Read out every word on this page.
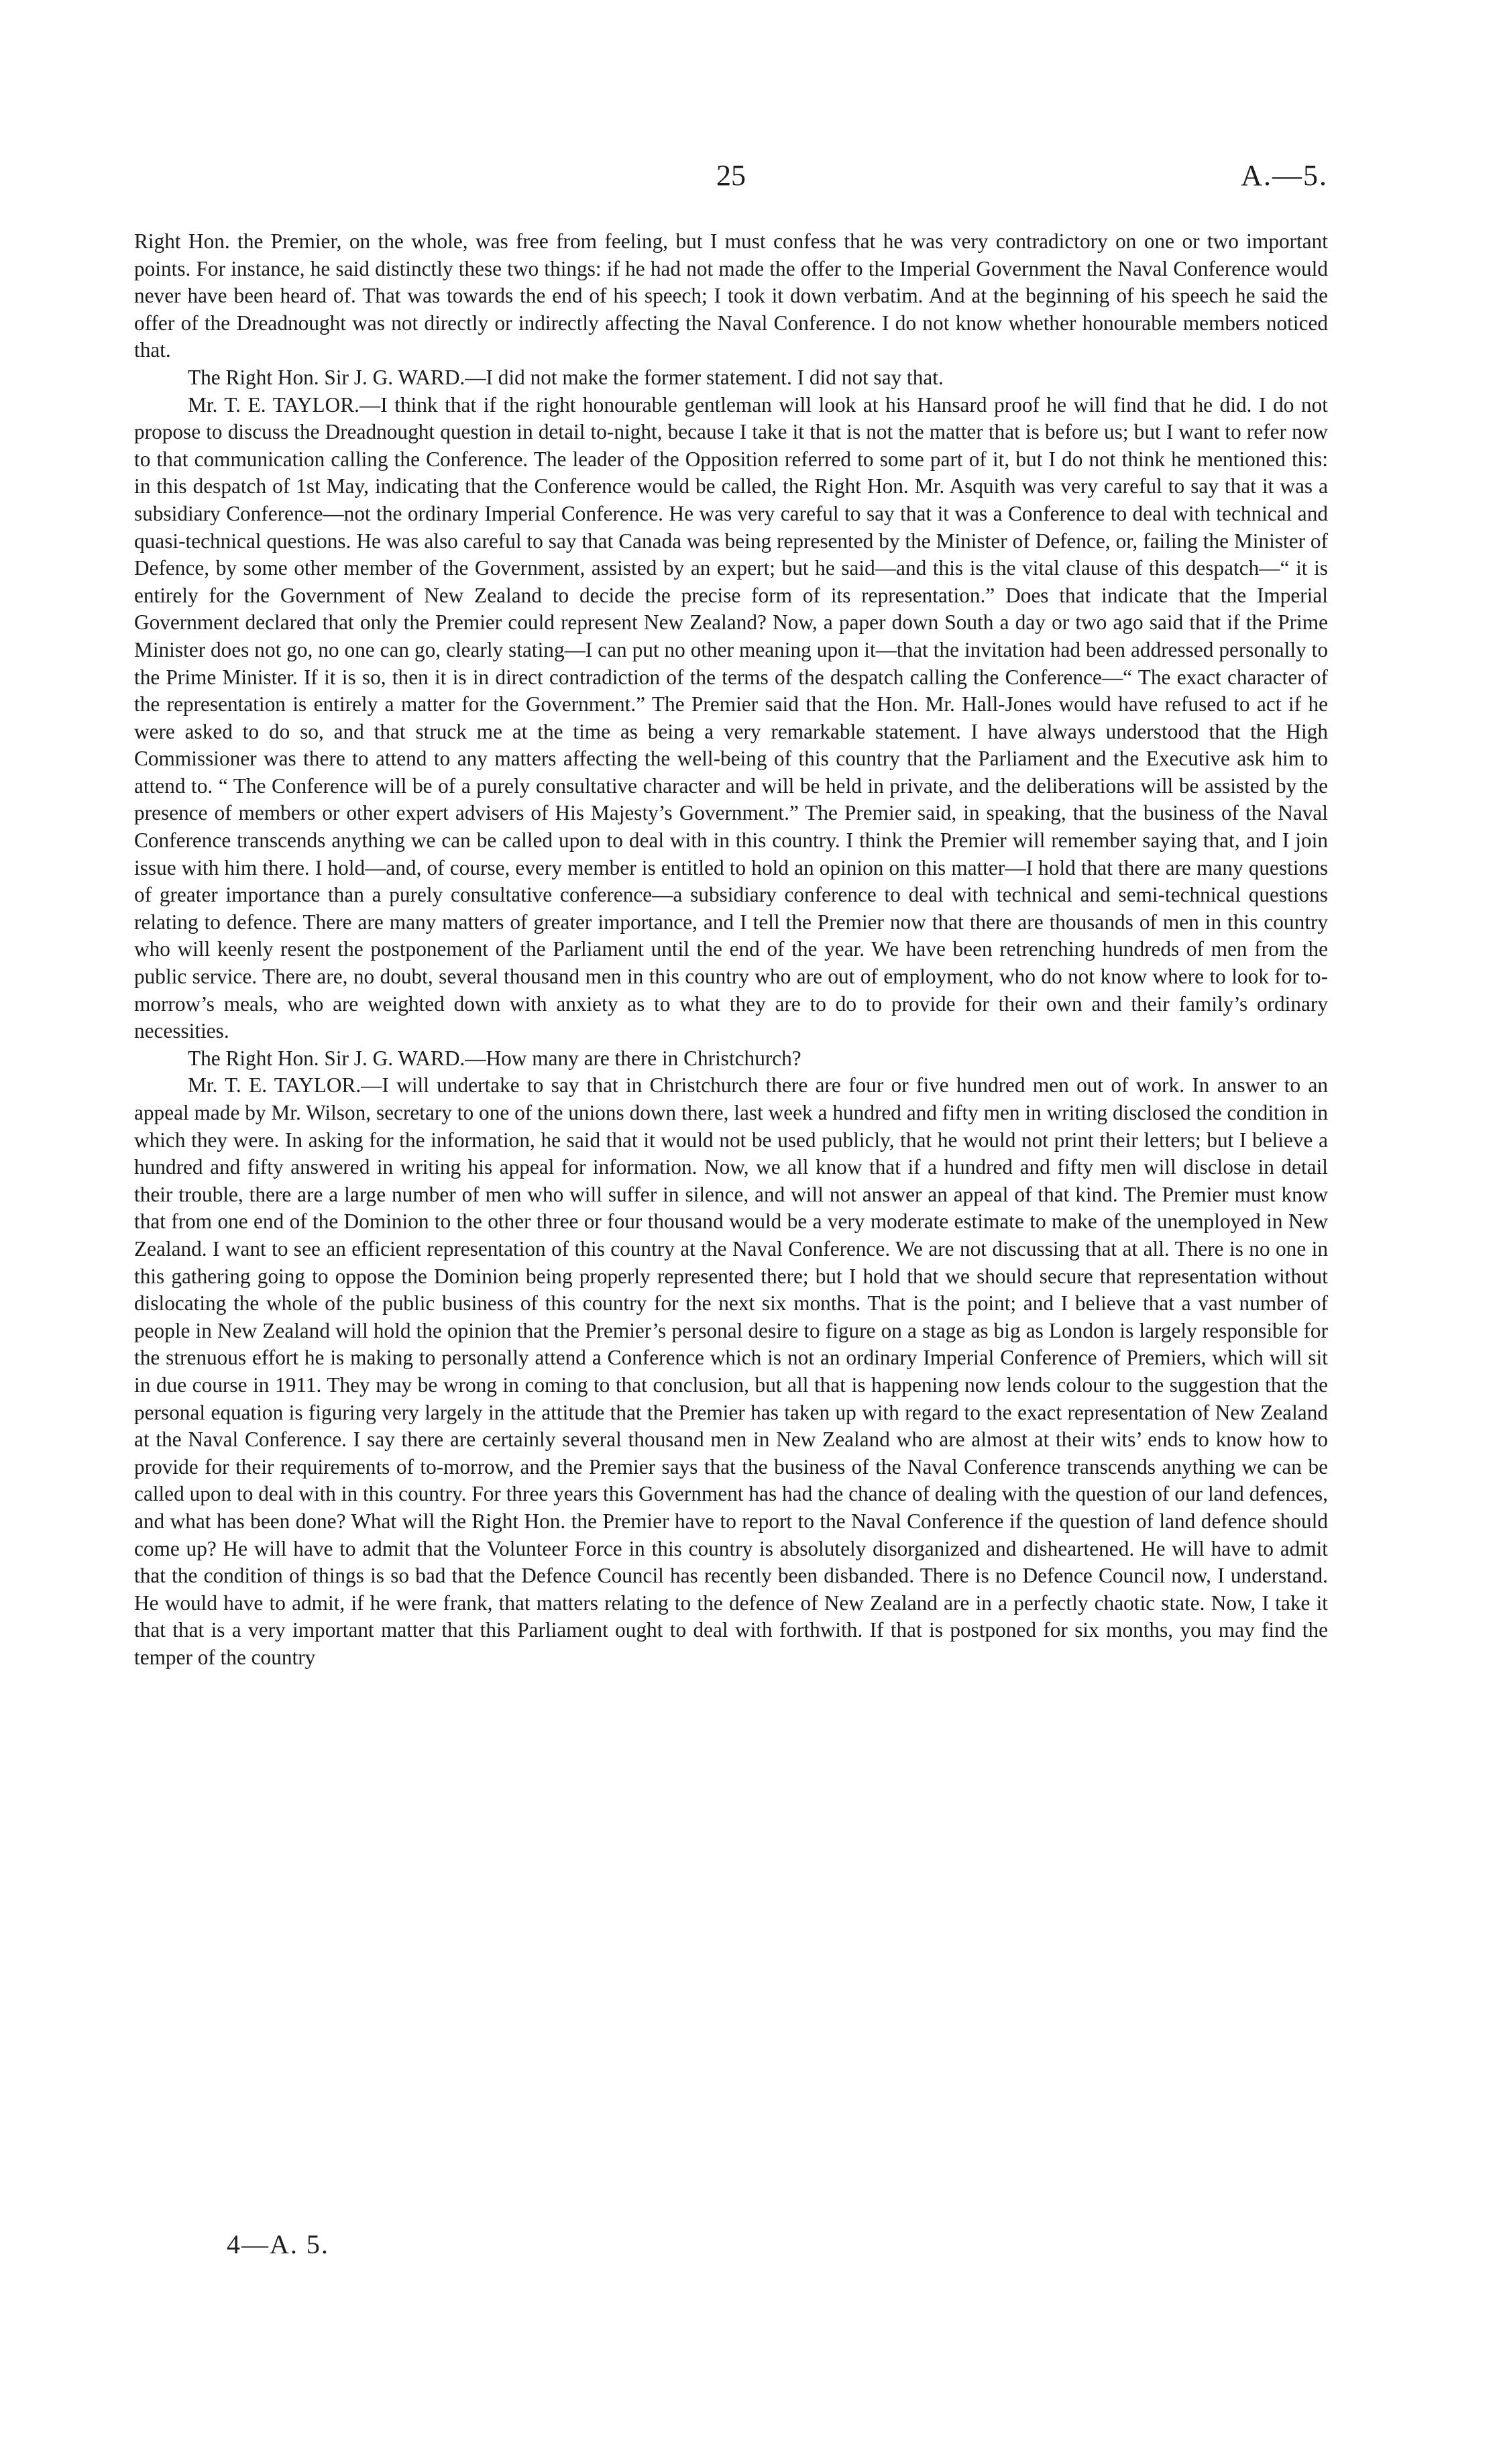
25	A.—5.

Right Hon. the Premier, on the whole, was free from feeling, but I must confess that he was very contradictory on one or two important points. For instance, he said distinctly these two things: if he had not made the offer to the Imperial Government the Naval Conference would never have been heard of. That was towards the end of his speech; I took it down verbatim. And at the beginning of his speech he said the offer of the Dreadnought was not directly or indirectly affecting the Naval Conference. I do not know whether honourable members noticed that.

The Right Hon. Sir J. G. WARD.—I did not make the former statement. I did not say that.

Mr. T. E. TAYLOR.—I think that if the right honourable gentleman will look at his Hansard proof he will find that he did. I do not propose to discuss the Dreadnought question in detail to-night, because I take it that is not the matter that is before us; but I want to refer now to that communication calling the Conference. The leader of the Opposition referred to some part of it, but I do not think he mentioned this: in this despatch of 1st May, indicating that the Conference would be called, the Right Hon. Mr. Asquith was very careful to say that it was a subsidiary Conference—not the ordinary Imperial Conference. He was very careful to say that it was a Conference to deal with technical and quasi-technical questions. He was also careful to say that Canada was being represented by the Minister of Defence, or, failing the Minister of Defence, by some other member of the Government, assisted by an expert; but he said—and this is the vital clause of this despatch—“ it is entirely for the Government of New Zealand to decide the precise form of its representation.” Does that indicate that the Imperial Government declared that only the Premier could represent New Zealand? Now, a paper down South a day or two ago said that if the Prime Minister does not go, no one can go, clearly stating—I can put no other meaning upon it—that the invitation had been addressed personally to the Prime Minister. If it is so, then it is in direct contradiction of the terms of the despatch calling the Conference—“ The exact character of the representation is entirely a matter for the Government.” The Premier said that the Hon. Mr. Hall-Jones would have refused to act if he were asked to do so, and that struck me at the time as being a very remarkable statement. I have always understood that the High Commissioner was there to attend to any matters affecting the well-being of this country that the Parliament and the Executive ask him to attend to. “ The Conference will be of a purely consultative character and will be held in private, and the deliberations will be assisted by the presence of members or other expert advisers of His Majesty’s Government.” The Premier said, in speaking, that the business of the Naval Conference transcends anything we can be called upon to deal with in this country. I think the Premier will remember saying that, and I join issue with him there. I hold—and, of course, every member is entitled to hold an opinion on this matter—I hold that there are many questions of greater importance than a purely consultative conference—a subsidiary conference to deal with technical and semi-technical questions relating to defence. There are many matters of greater importance, and I tell the Premier now that there are thousands of men in this country who will keenly resent the postponement of the Parliament until the end of the year. We have been retrenching hundreds of men from the public service. There are, no doubt, several thousand men in this country who are out of employment, who do not know where to look for to-morrow’s meals, who are weighted down with anxiety as to what they are to do to provide for their own and their family’s ordinary necessities.

The Right Hon. Sir J. G. WARD.—How many are there in Christchurch?

Mr. T. E. TAYLOR.—I will undertake to say that in Christchurch there are four or five hundred men out of work. In answer to an appeal made by Mr. Wilson, secretary to one of the unions down there, last week a hundred and fifty men in writing disclosed the condition in which they were. In asking for the information, he said that it would not be used publicly, that he would not print their letters; but I believe a hundred and fifty answered in writing his appeal for information. Now, we all know that if a hundred and fifty men will disclose in detail their trouble, there are a large number of men who will suffer in silence, and will not answer an appeal of that kind. The Premier must know that from one end of the Dominion to the other three or four thousand would be a very moderate estimate to make of the unemployed in New Zealand. I want to see an efficient representation of this country at the Naval Conference. We are not discussing that at all. There is no one in this gathering going to oppose the Dominion being properly represented there; but I hold that we should secure that representation without dislocating the whole of the public business of this country for the next six months. That is the point; and I believe that a vast number of people in New Zealand will hold the opinion that the Premier’s personal desire to figure on a stage as big as London is largely responsible for the strenuous effort he is making to personally attend a Conference which is not an ordinary Imperial Conference of Premiers, which will sit in due course in 1911. They may be wrong in coming to that conclusion, but all that is happening now lends colour to the suggestion that the personal equation is figuring very largely in the attitude that the Premier has taken up with regard to the exact representation of New Zealand at the Naval Conference. I say there are certainly several thousand men in New Zealand who are almost at their wits’ ends to know how to provide for their requirements of to-morrow, and the Premier says that the business of the Naval Conference transcends anything we can be called upon to deal with in this country. For three years this Government has had the chance of dealing with the question of our land defences, and what has been done? What will the Right Hon. the Premier have to report to the Naval Conference if the question of land defence should come up? He will have to admit that the Volunteer Force in this country is absolutely disorganized and disheartened. He will have to admit that the condition of things is so bad that the Defence Council has recently been disbanded. There is no Defence Council now, I understand. He would have to admit, if he were frank, that matters relating to the defence of New Zealand are in a perfectly chaotic state. Now, I take it that that is a very important matter that this Parliament ought to deal with forthwith. If that is postponed for six months, you may find the temper of the country

4—A. 5.
